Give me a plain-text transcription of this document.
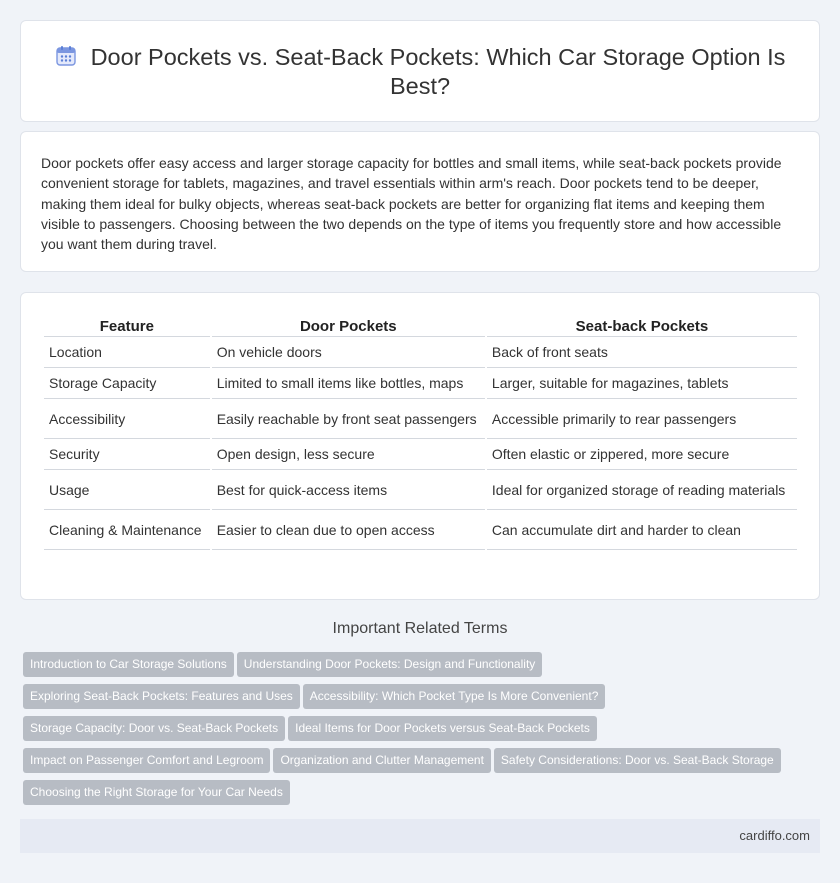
Door Pockets vs. Seat-Back Pockets: Which Car Storage Option Is Best?

Door pockets offer easy access and larger storage capacity for bottles and small items, while seat-back pockets provide convenient storage for tablets, magazines, and travel essentials within arm's reach. Door pockets tend to be deeper, making them ideal for bulky objects, whereas seat-back pockets are better for organizing flat items and keeping them visible to passengers. Choosing between the two depends on the type of items you frequently store and how accessible you want them during travel.

Feature	Door Pockets	Seat-back Pockets
Location	On vehicle doors	Back of front seats
Storage Capacity	Limited to small items like bottles, maps	Larger, suitable for magazines, tablets
Accessibility	Easily reachable by front seat passengers	Accessible primarily to rear passengers
Security	Open design, less secure	Often elastic or zippered, more secure
Usage	Best for quick-access items	Ideal for organized storage of reading materials
Cleaning & Maintenance	Easier to clean due to open access	Can accumulate dirt and harder to clean
Important Related Terms
Introduction to Car Storage Solutions Understanding Door Pockets: Design and Functionality
Exploring Seat-Back Pockets: Features and Uses Accessibility: Which Pocket Type Is More Convenient?
Storage Capacity: Door vs. Seat-Back Pockets Ideal Items for Door Pockets versus Seat-Back Pockets
Impact on Passenger Comfort and Legroom Organization and Clutter Management Safety Considerations: Door vs. Seat-Back Storage
Choosing the Right Storage for Your Car Needs
cardiffo.com
